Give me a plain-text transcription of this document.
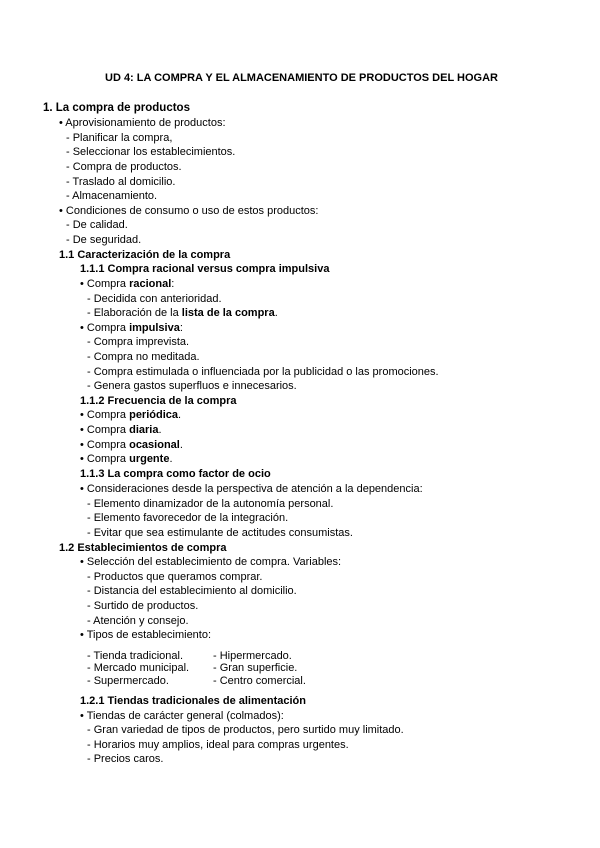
UD 4: LA COMPRA Y EL ALMACENAMIENTO DE PRODUCTOS DEL HOGAR
1. La compra de productos
• Aprovisionamiento de productos:
- Planificar la compra,
- Seleccionar los establecimientos.
- Compra de productos.
- Traslado al domicilio.
- Almacenamiento.
• Condiciones de consumo o uso de estos productos:
- De calidad.
- De seguridad.
1.1 Caracterización de la compra
1.1.1 Compra racional versus compra impulsiva
• Compra racional:
- Decidida con anterioridad.
- Elaboración de la lista de la compra.
• Compra impulsiva:
- Compra imprevista.
- Compra no meditada.
- Compra estimulada o influenciada por la publicidad o las promociones.
- Genera gastos superfluos e innecesarios.
1.1.2 Frecuencia de la compra
• Compra periódica.
• Compra diaria.
• Compra ocasional.
• Compra urgente.
1.1.3 La compra como factor de ocio
• Consideraciones desde la perspectiva de atención a la dependencia:
- Elemento dinamizador de la autonomía personal.
- Elemento favorecedor de la integración.
- Evitar que sea estimulante de actitudes consumistas.
1.2 Establecimientos de compra
• Selección del establecimiento de compra. Variables:
- Productos que queramos comprar.
- Distancia del establecimiento al domicilio.
- Surtido de productos.
- Atención y consejo.
• Tipos de establecimiento:
- Tienda tradicional.
- Mercado municipal.
- Supermercado.
- Hipermercado.
- Gran superficie.
- Centro comercial.
1.2.1 Tiendas tradicionales de alimentación
• Tiendas de carácter general (colmados):
- Gran variedad de tipos de productos, pero surtido muy limitado.
- Horarios muy amplios, ideal para compras urgentes.
- Precios caros.
